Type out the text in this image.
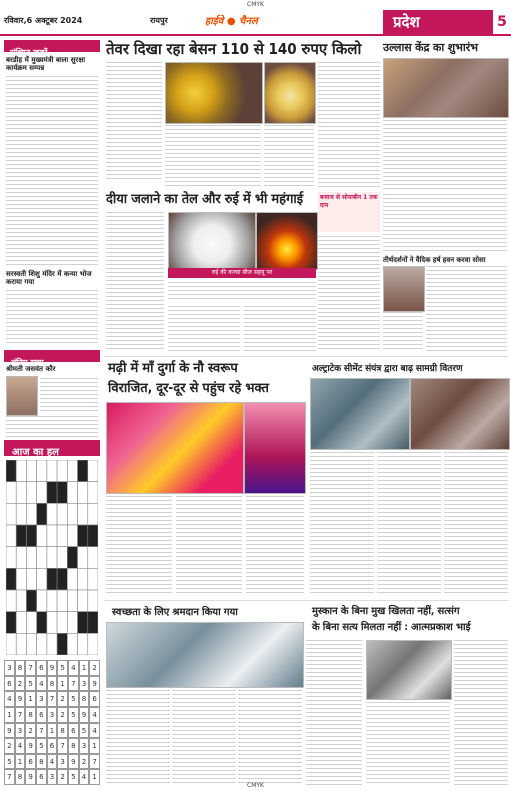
CMYK
रविवार,6 अक्टूबर 2024	रायपुर	हाईवे ● चैनल	प्रदेश	5
संक्षिप्त खबरें
बरडीह में मुख्यमंत्री बाला सुरक्षा कार्यक्रम सम्पन्न
सरस्वती शिशु मंदिर में कन्या भोज कराया गया
अंतिम यात्रा
श्रीमती जसवंत कौर
आज का हल
3 8 7 6 9 5 4 1 2
6 2 5 4 8 1 7 3 9
4 9 1 3 7 2 5 8 6
1 7 8 6 3 2 5 9 4
9 3 2 7 1 8 6 5 4
2 4 9 5 6 7 8 3 1
5 1 6 8 4 3 9 2 7
7 8 9 6 3 2 5 4 1
तेवर दिखा रहा बेसन 110 से 140 रुपए किलो	उल्लास केंद्र का शुभारंभ
दीया जलाने का तेल और रुई में भी महंगाई
रुई की कच्चा बीज सहयू पर
बजाज से सोयाबीन 1 तक दाम
तीर्थदर्शनों ने वैदिक हर्ष हवन करवा सोसा
मढ़ी में माँ दुर्गा के नौ स्वरूप
विराजित, दूर-दूर से पहुंच रहे भक्त
अल्ट्राटेक सीमेंट संयंत्र द्वारा बाढ़ सामग्री वितरण
स्वच्छता के लिए श्रमदान किया गया	मुस्कान के बिना मुख खिलता नहीं, सत्संग
के बिना सत्य मिलता नहीं : आत्मप्रकाश भाई
CMYK
